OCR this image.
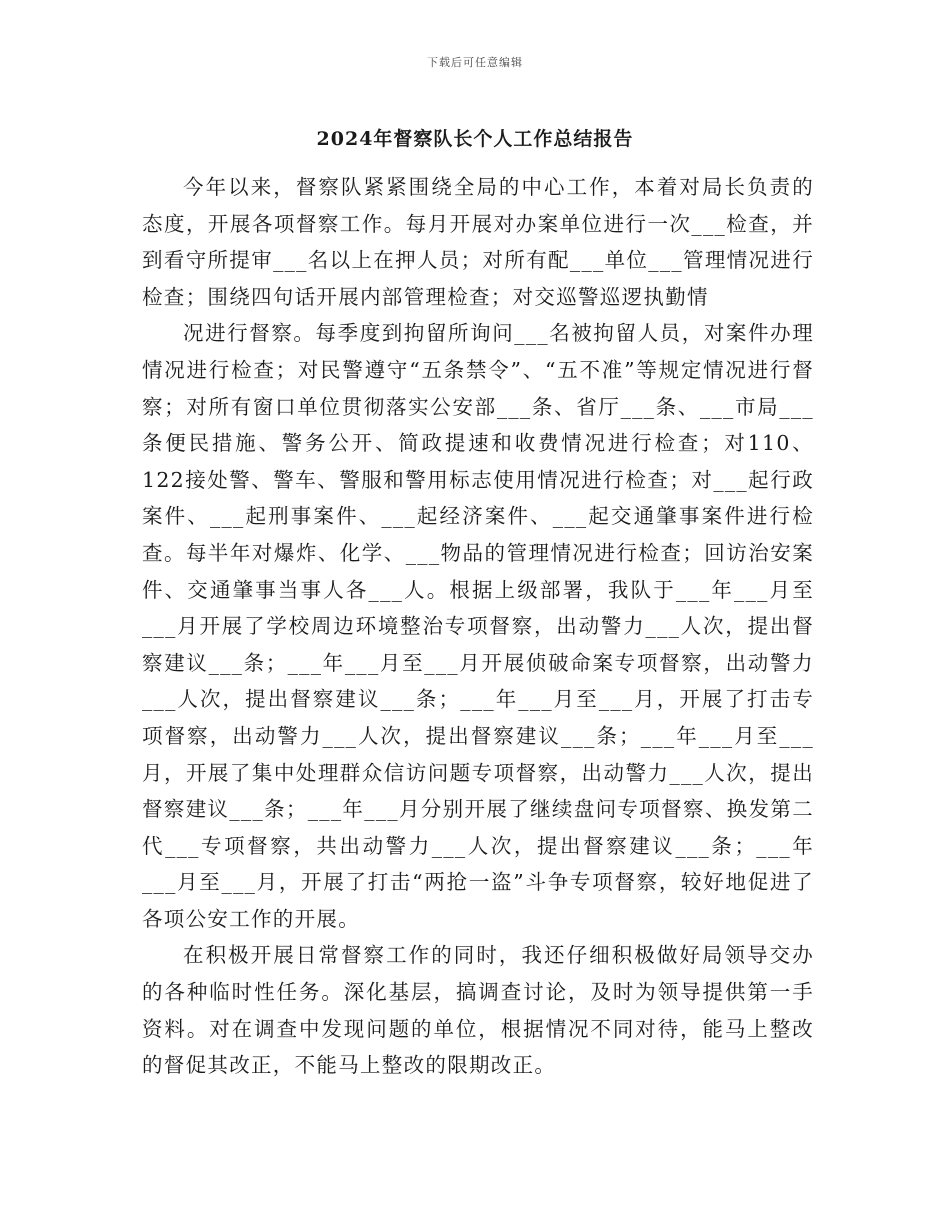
下载后可任意编辑
2024年督察队长个人工作总结报告

今年以来，督察队紧紧围绕全局的中心工作，本着对局长负责的态度，开展各项督察工作。每月开展对办案单位进行一次___检查，并到看守所提审___名以上在押人员；对所有配___单位___管理情况进行检查；围绕四句话开展内部管理检查；对交巡警巡逻执勤情

况进行督察。每季度到拘留所询问___名被拘留人员，对案件办理情况进行检查；对民警遵守“五条禁令”、“五不准”等规定情况进行督察；对所有窗口单位贯彻落实公安部___条、省厅___条、___市局___条便民措施、警务公开、简政提速和收费情况进行检查；对110、122接处警、警车、警服和警用标志使用情况进行检查；对___起行政案件、___起刑事案件、___起经济案件、___起交通肇事案件进行检查。每半年对爆炸、化学、___物品的管理情况进行检查；回访治安案件、交通肇事当事人各___人。根据上级部署，我队于___年___月至___月开展了学校周边环境整治专项督察，出动警力___人次，提出督察建议___条；___年___月至___月开展侦破命案专项督察，出动警力___人次，提出督察建议___条；___年___月至___月，开展了打击专项督察，出动警力___人次，提出督察建议___条；___年___月至___月，开展了集中处理群众信访问题专项督察，出动警力___人次，提出督察建议___条；___年___月分别开展了继续盘问专项督察、换发第二代___专项督察，共出动警力___人次，提出督察建议___条；___年___月至___月，开展了打击“两抢一盗”斗争专项督察，较好地促进了各项公安工作的开展。

在积极开展日常督察工作的同时，我还仔细积极做好局领导交办的各种临时性任务。深化基层，搞调查讨论，及时为领导提供第一手资料。对在调查中发现问题的单位，根据情况不同对待，能马上整改的督促其改正，不能马上整改的限期改正。
